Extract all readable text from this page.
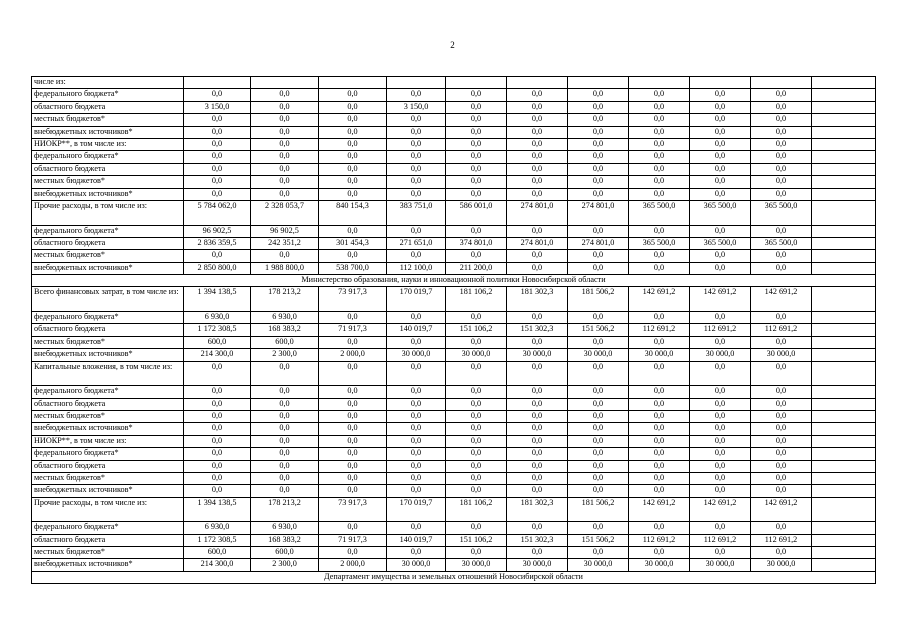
2
числе из:											
федерального бюджета*	0,0	0,0	0,0	0,0	0,0	0,0	0,0	0,0	0,0	0,0	
областного бюджета	3 150,0	0,0	0,0	3 150,0	0,0	0,0	0,0	0,0	0,0	0,0	
местных бюджетов*	0,0	0,0	0,0	0,0	0,0	0,0	0,0	0,0	0,0	0,0	
внебюджетных источников*	0,0	0,0	0,0	0,0	0,0	0,0	0,0	0,0	0,0	0,0	
НИОКР**, в том числе из:	0,0	0,0	0,0	0,0	0,0	0,0	0,0	0,0	0,0	0,0	
федерального бюджета*	0,0	0,0	0,0	0,0	0,0	0,0	0,0	0,0	0,0	0,0	
областного бюджета	0,0	0,0	0,0	0,0	0,0	0,0	0,0	0,0	0,0	0,0	
местных бюджетов*	0,0	0,0	0,0	0,0	0,0	0,0	0,0	0,0	0,0	0,0	
внебюджетных источников*	0,0	0,0	0,0	0,0	0,0	0,0	0,0	0,0	0,0	0,0	
Прочие расходы, в том числе из:	5 784 062,0	2 328 053,7	840 154,3	383 751,0	586 001,0	274 801,0	274 801,0	365 500,0	365 500,0	365 500,0	
федерального бюджета*	96 902,5	96 902,5	0,0	0,0	0,0	0,0	0,0	0,0	0,0	0,0	
областного бюджета	2 836 359,5	242 351,2	301 454,3	271 651,0	374 801,0	274 801,0	274 801,0	365 500,0	365 500,0	365 500,0	
местных бюджетов*	0,0	0,0	0,0	0,0	0,0	0,0	0,0	0,0	0,0	0,0	
внебюджетных источников*	2 850 800,0	1 988 800,0	538 700,0	112 100,0	211 200,0	0,0	0,0	0,0	0,0	0,0	
Министерство образования, науки и инновационной политики Новосибирской области											
Всего финансовых затрат, в том числе из:	1 394 138,5	178 213,2	73 917,3	170 019,7	181 106,2	181 302,3	181 506,2	142 691,2	142 691,2	142 691,2	
федерального бюджета*	6 930,0	6 930,0	0,0	0,0	0,0	0,0	0,0	0,0	0,0	0,0	
областного бюджета	1 172 308,5	168 383,2	71 917,3	140 019,7	151 106,2	151 302,3	151 506,2	112 691,2	112 691,2	112 691,2	
местных бюджетов*	600,0	600,0	0,0	0,0	0,0	0,0	0,0	0,0	0,0	0,0	
внебюджетных источников*	214 300,0	2 300,0	2 000,0	30 000,0	30 000,0	30 000,0	30 000,0	30 000,0	30 000,0	30 000,0	
Капитальные вложения, в том числе из:	0,0	0,0	0,0	0,0	0,0	0,0	0,0	0,0	0,0	0,0	
федерального бюджета*	0,0	0,0	0,0	0,0	0,0	0,0	0,0	0,0	0,0	0,0	
областного бюджета	0,0	0,0	0,0	0,0	0,0	0,0	0,0	0,0	0,0	0,0	
местных бюджетов*	0,0	0,0	0,0	0,0	0,0	0,0	0,0	0,0	0,0	0,0	
внебюджетных источников*	0,0	0,0	0,0	0,0	0,0	0,0	0,0	0,0	0,0	0,0	
НИОКР**, в том числе из:	0,0	0,0	0,0	0,0	0,0	0,0	0,0	0,0	0,0	0,0	
федерального бюджета*	0,0	0,0	0,0	0,0	0,0	0,0	0,0	0,0	0,0	0,0	
областного бюджета	0,0	0,0	0,0	0,0	0,0	0,0	0,0	0,0	0,0	0,0	
местных бюджетов*	0,0	0,0	0,0	0,0	0,0	0,0	0,0	0,0	0,0	0,0	
внебюджетных источников*	0,0	0,0	0,0	0,0	0,0	0,0	0,0	0,0	0,0	0,0	
Прочие расходы, в том числе из:	1 394 138,5	178 213,2	73 917,3	170 019,7	181 106,2	181 302,3	181 506,2	142 691,2	142 691,2	142 691,2	
федерального бюджета*	6 930,0	6 930,0	0,0	0,0	0,0	0,0	0,0	0,0	0,0	0,0	
областного бюджета	1 172 308,5	168 383,2	71 917,3	140 019,7	151 106,2	151 302,3	151 506,2	112 691,2	112 691,2	112 691,2	
местных бюджетов*	600,0	600,0	0,0	0,0	0,0	0,0	0,0	0,0	0,0	0,0	
внебюджетных источников*	214 300,0	2 300,0	2 000,0	30 000,0	30 000,0	30 000,0	30 000,0	30 000,0	30 000,0	30 000,0	
Департамент имущества и земельных отношений Новосибирской области											
